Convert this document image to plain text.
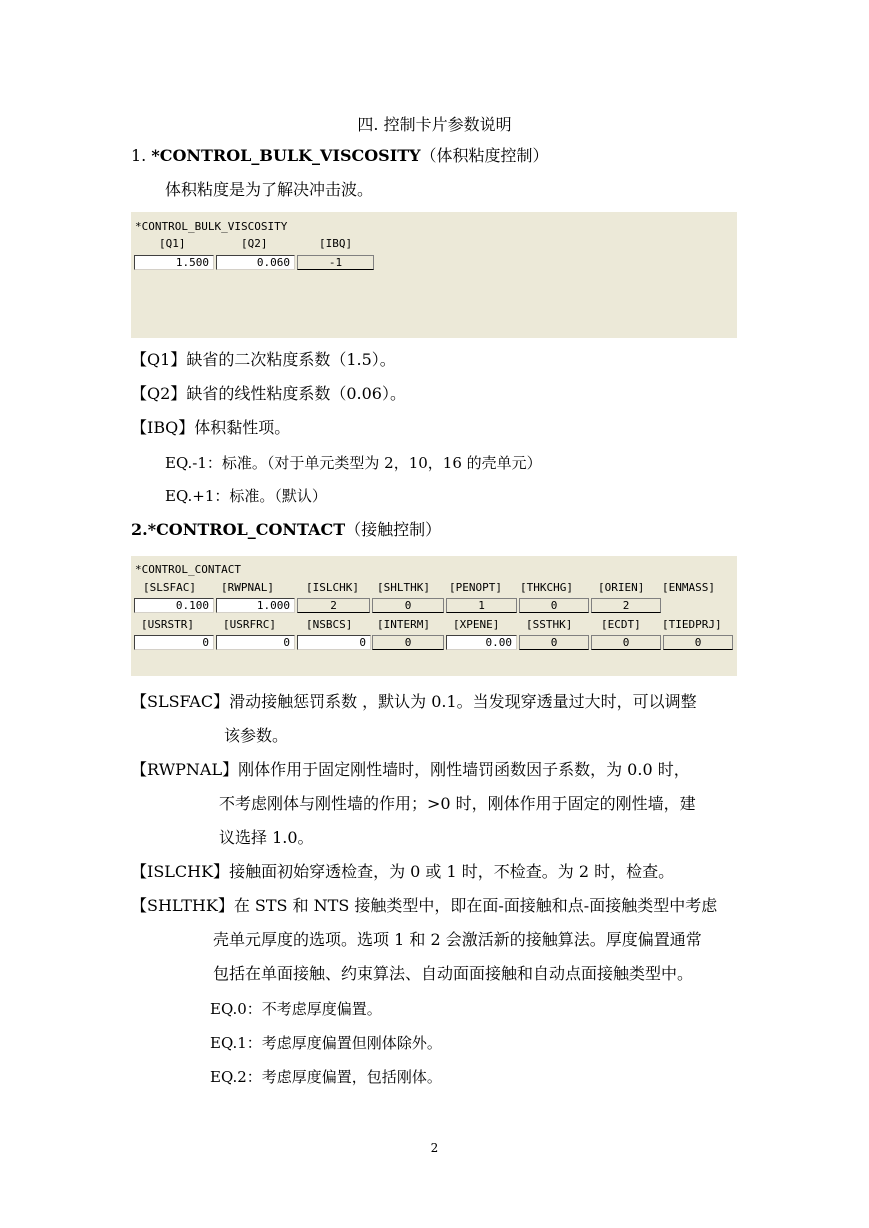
四. 控制卡片参数说明
1. *CONTROL_BULK_VISCOSITY（体积粘度控制）
体积粘度是为了解决冲击波。
*CONTROL_BULK_VISCOSITY
[Q1]	[Q2]	[IBQ]
1.500	0.060	-1
【Q1】缺省的二次粘度系数（1.5）。
【Q2】缺省的线性粘度系数（0.06）。
【IBQ】体积黏性项。
EQ.-1：标准。（对于单元类型为 2，10，16 的壳单元）
EQ.+1：标准。（默认）
2.*CONTROL_CONTACT（接触控制）
*CONTROL_CONTACT
[SLSFAC] [RWPNAL]	[ISLCHK] [SHLTHK] [PENOPT] [THKCHG] [ORIEN] [ENMASS]
0.100	1.000	2	0	1	0	2
[USRSTR]	[USRFRC]	[NSBCS] [INTERM] [XPENE] [SSTHK]	[ECDT] [TIEDPRJ]
0	0	0	0	0.00	0	0	0
【SLSFAC】滑动接触惩罚系数 ，默认为 0.1。当发现穿透量过大时，可以调整
该参数。
【RWPNAL】刚体作用于固定刚性墙时，刚性墙罚函数因子系数，为 0.0 时，
不考虑刚体与刚性墙的作用；>0 时，刚体作用于固定的刚性墙，建
议选择 1.0。
【ISLCHK】接触面初始穿透检查，为 0 或 1 时，不检查。为 2 时，检查。
【SHLTHK】在 STS 和 NTS 接触类型中，即在面-面接触和点-面接触类型中考虑
壳单元厚度的选项。选项 1 和 2 会激活新的接触算法。厚度偏置通常
包括在单面接触、约束算法、自动面面接触和自动点面接触类型中。
EQ.0：不考虑厚度偏置。
EQ.1：考虑厚度偏置但刚体除外。
EQ.2：考虑厚度偏置，包括刚体。
2
